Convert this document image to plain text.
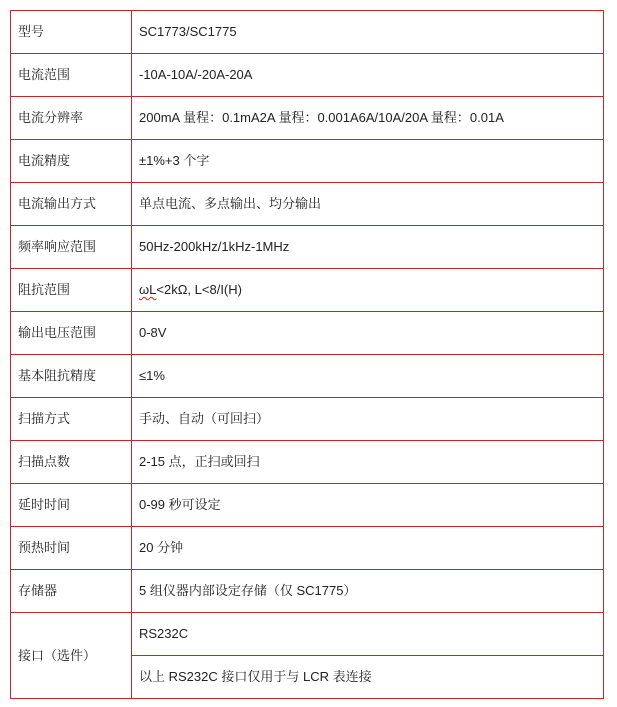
型号	SC1773/SC1775
电流范围	-10A-10A/-20A-20A
电流分辨率	200mA 量程：0.1mA2A 量程：0.001A6A/10A/20A 量程：0.01A
电流精度	±1%+3 个字
电流输出方式	单点电流、多点输出、均分输出
频率响应范围	50Hz-200kHz/1kHz-1MHz
阻抗范围	ωL<2kΩ, L<8/I(H)
输出电压范围	0-8V
基本阻抗精度	≤1%
扫描方式	手动、自动（可回扫）
扫描点数	2-15 点，正扫或回扫
延时时间	0-99 秒可设定
预热时间	20 分钟
存储器	5 组仪器内部设定存储（仅 SC1775）
接口（选件）	RS232C
	以上 RS232C 接口仅用于与 LCR 表连接
